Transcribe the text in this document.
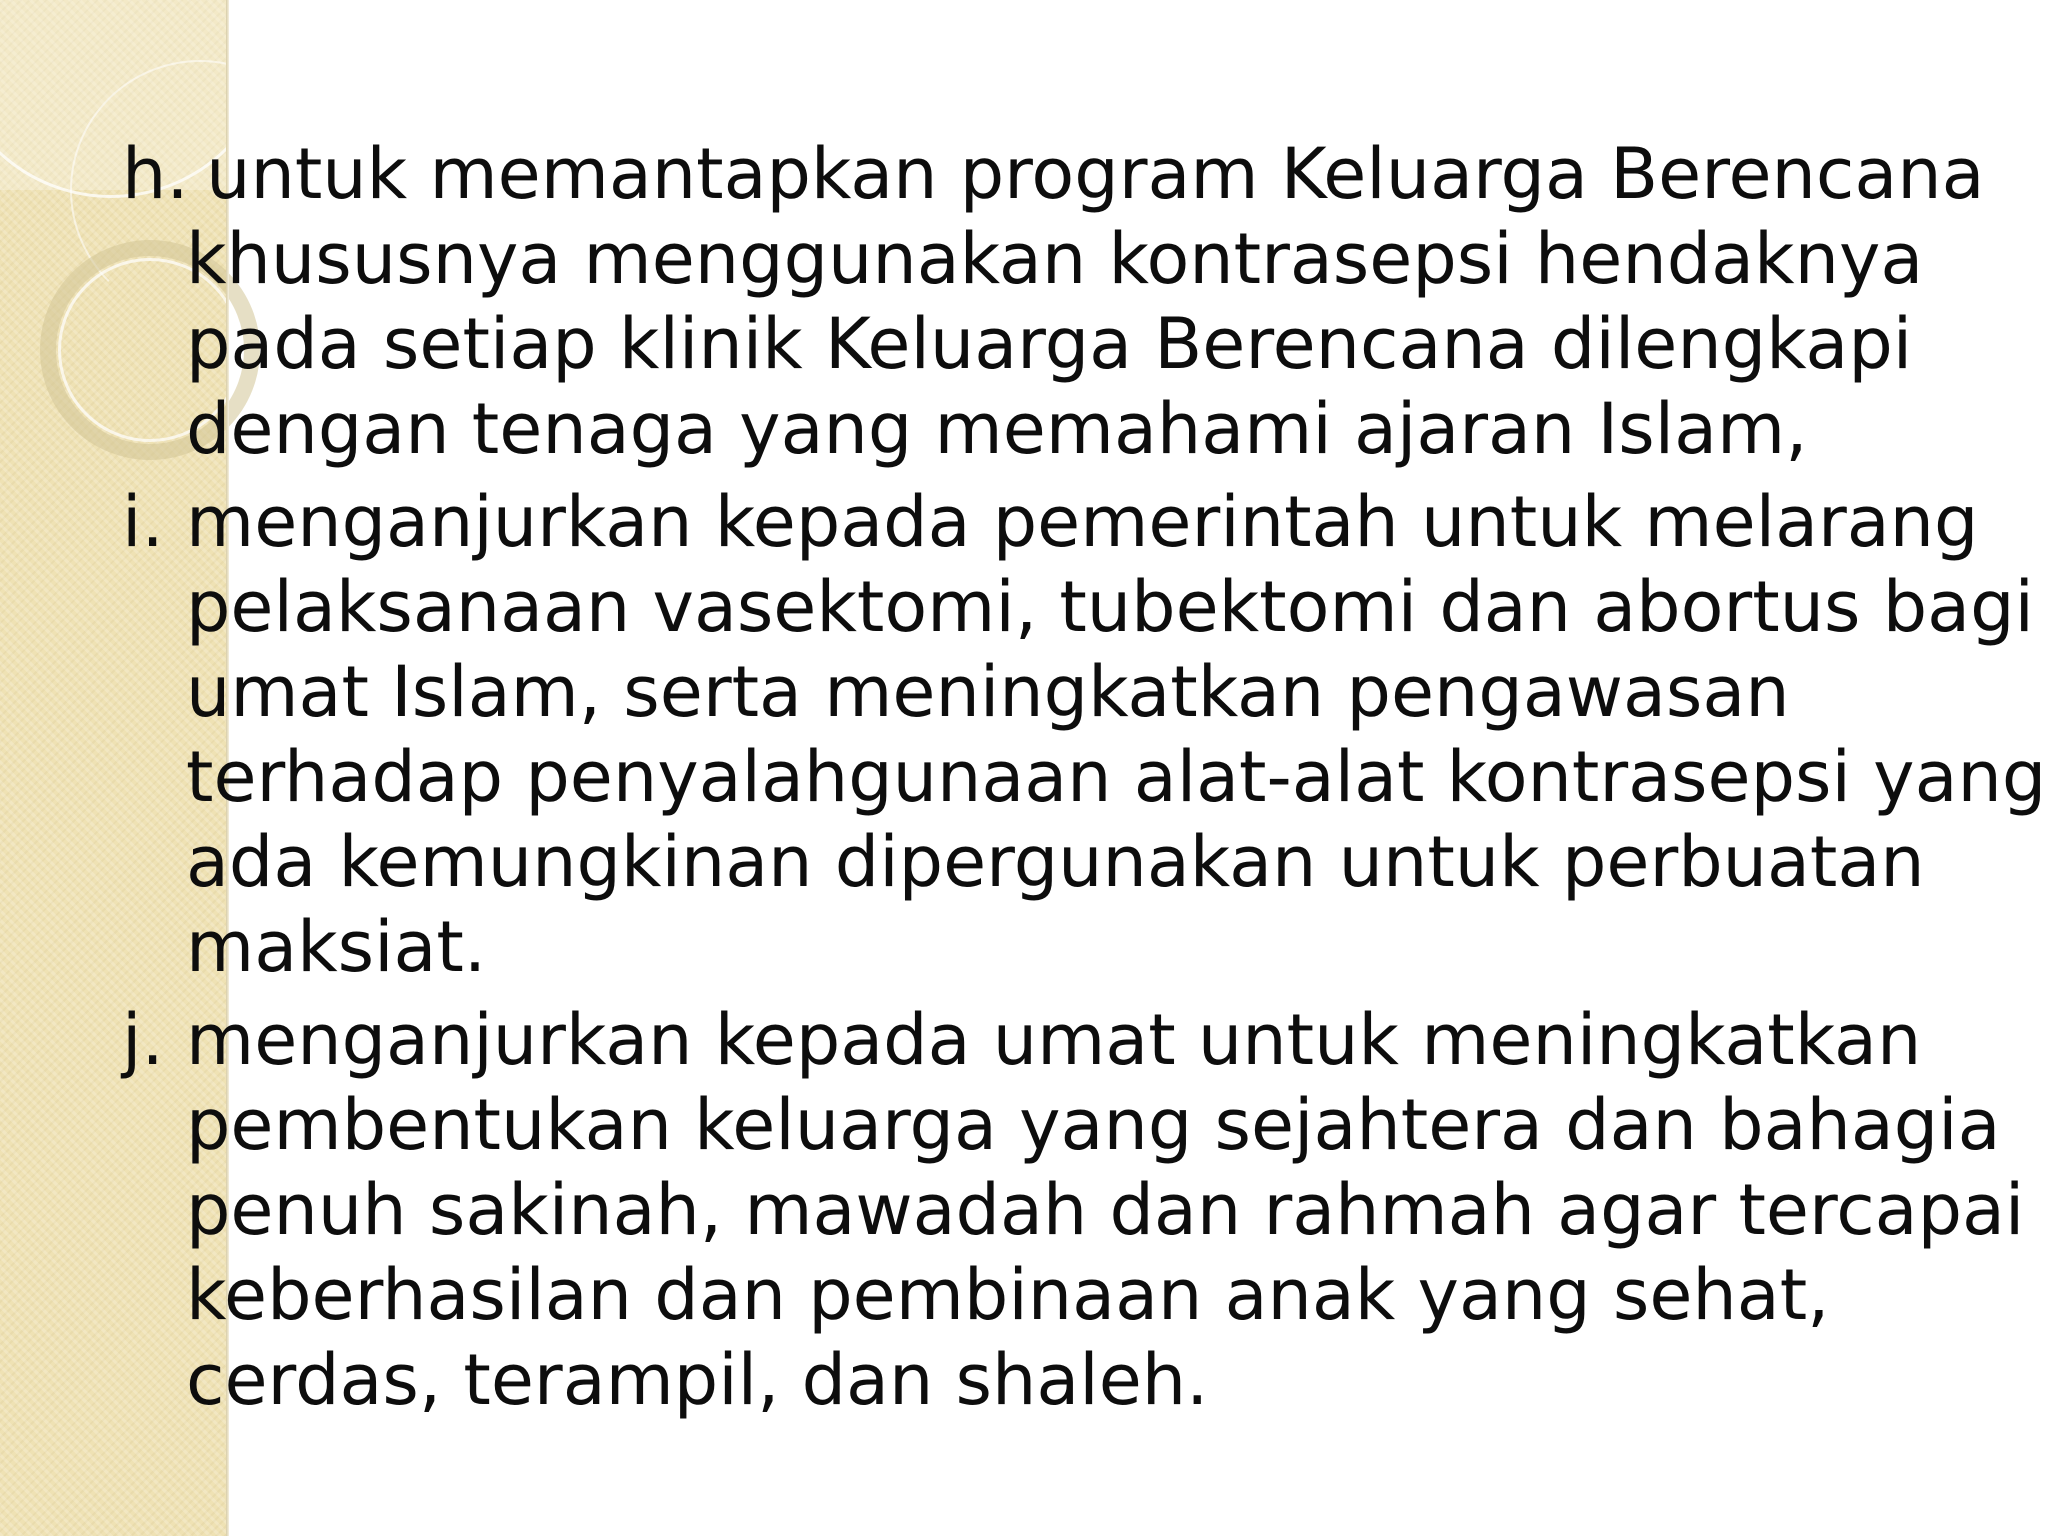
h. untuk memantapkan program Keluarga Berencana
khususnya menggunakan kontrasepsi hendaknya
pada setiap klinik Keluarga Berencana dilengkapi
dengan tenaga yang memahami ajaran Islam,
i. menganjurkan kepada pemerintah untuk melarang
pelaksanaan vasektomi, tubektomi dan abortus bagi
umat Islam, serta meningkatkan pengawasan
terhadap penyalahgunaan alat-alat kontrasepsi yang
ada kemungkinan dipergunakan untuk perbuatan
maksiat.
j. menganjurkan kepada umat untuk meningkatkan
pembentukan keluarga yang sejahtera dan bahagia
penuh sakinah, mawadah dan rahmah agar tercapai
keberhasilan dan pembinaan anak yang sehat,
cerdas, terampil, dan shaleh.
